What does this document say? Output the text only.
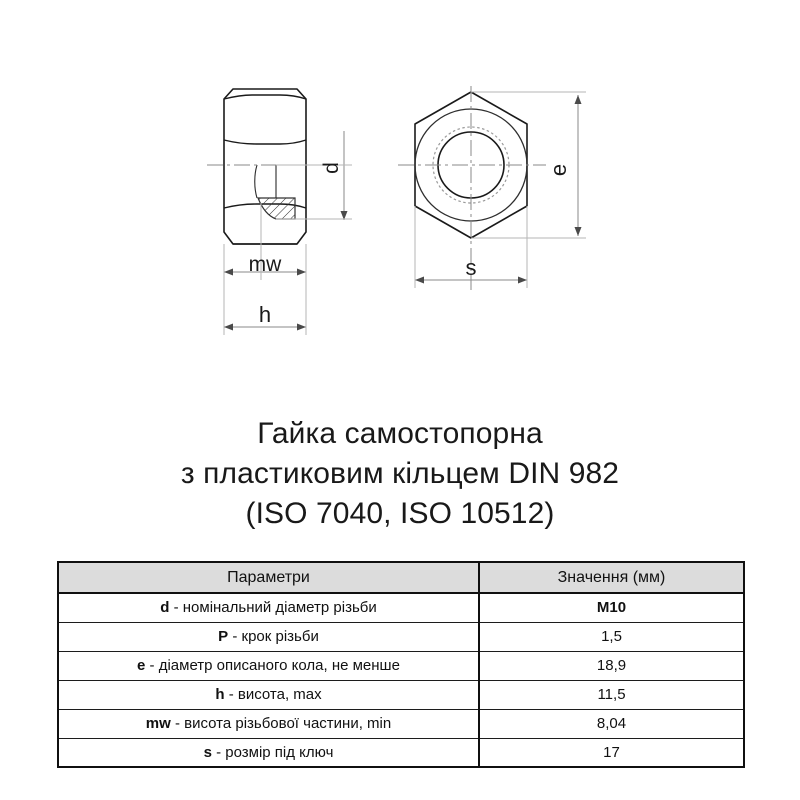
d
mw
h
e
s
Гайка самостопорна
з пластиковим кільцем DIN 982
(ISO 7040, ISO 10512)
Параметри	Значення (мм)
d - номінальний діаметр різьби	M10
P - крок різьби	1,5
e - діаметр описаного кола, не менше	18,9
h - висота, max	11,5
mw - висота різьбової частини, min	8,04
s - розмір під ключ	17
